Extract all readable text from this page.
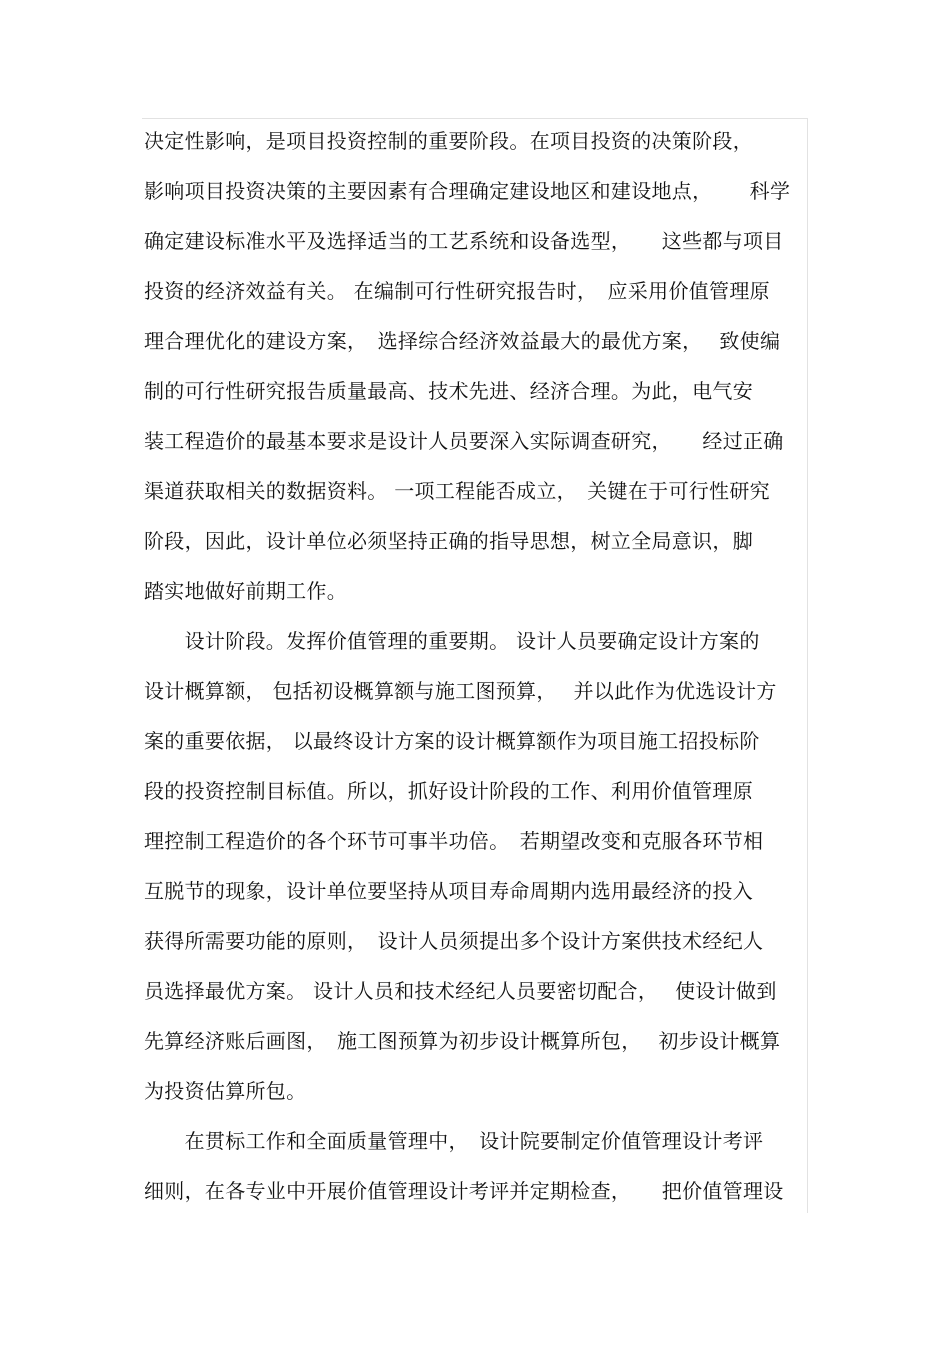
决定性影响，是项目投资控制的重要阶段。在项目投资的决策阶段，
影响项目投资决策的主要因素有合理确定建设地区和建设地点，　　 科学
确定建设标准水平及选择适当的工艺系统和设备选型，　　这些都与项目
投资的经济效益有关。 在编制可行性研究报告时，　应采用价值管理原
理合理优化的建设方案，　选择综合经济效益最大的最优方案，　 致使编
制的可行性研究报告质量最高、技术先进、经济合理。为此，电气安
装工程造价的最基本要求是设计人员要深入实际调查研究，　　经过正确
渠道获取相关的数据资料。 一项工程能否成立，　关键在于可行性研究
阶段，因此，设计单位必须坚持正确的指导思想，树立全局意识，脚
踏实地做好前期工作。
　　设计阶段。发挥价值管理的重要期。 设计人员要确定设计方案的
设计概算额， 包括初设概算额与施工图预算，　 并以此作为优选设计方
案的重要依据， 以最终设计方案的设计概算额作为项目施工招投标阶
段的投资控制目标值。所以，抓好设计阶段的工作、利用价值管理原
理控制工程造价的各个环节可事半功倍。　若期望改变和克服各环节相
互脱节的现象，设计单位要坚持从项目寿命周期内选用最经济的投入
获得所需要功能的原则，　设计人员须提出多个设计方案供技术经纪人
员选择最优方案。 设计人员和技术经纪人员要密切配合，　 使设计做到
先算经济账后画图，　施工图预算为初步设计概算所包，　 初步设计概算
为投资估算所包。
　　在贯标工作和全面质量管理中，　设计院要制定价值管理设计考评
细则，在各专业中开展价值管理设计考评并定期检查，　　把价值管理设
